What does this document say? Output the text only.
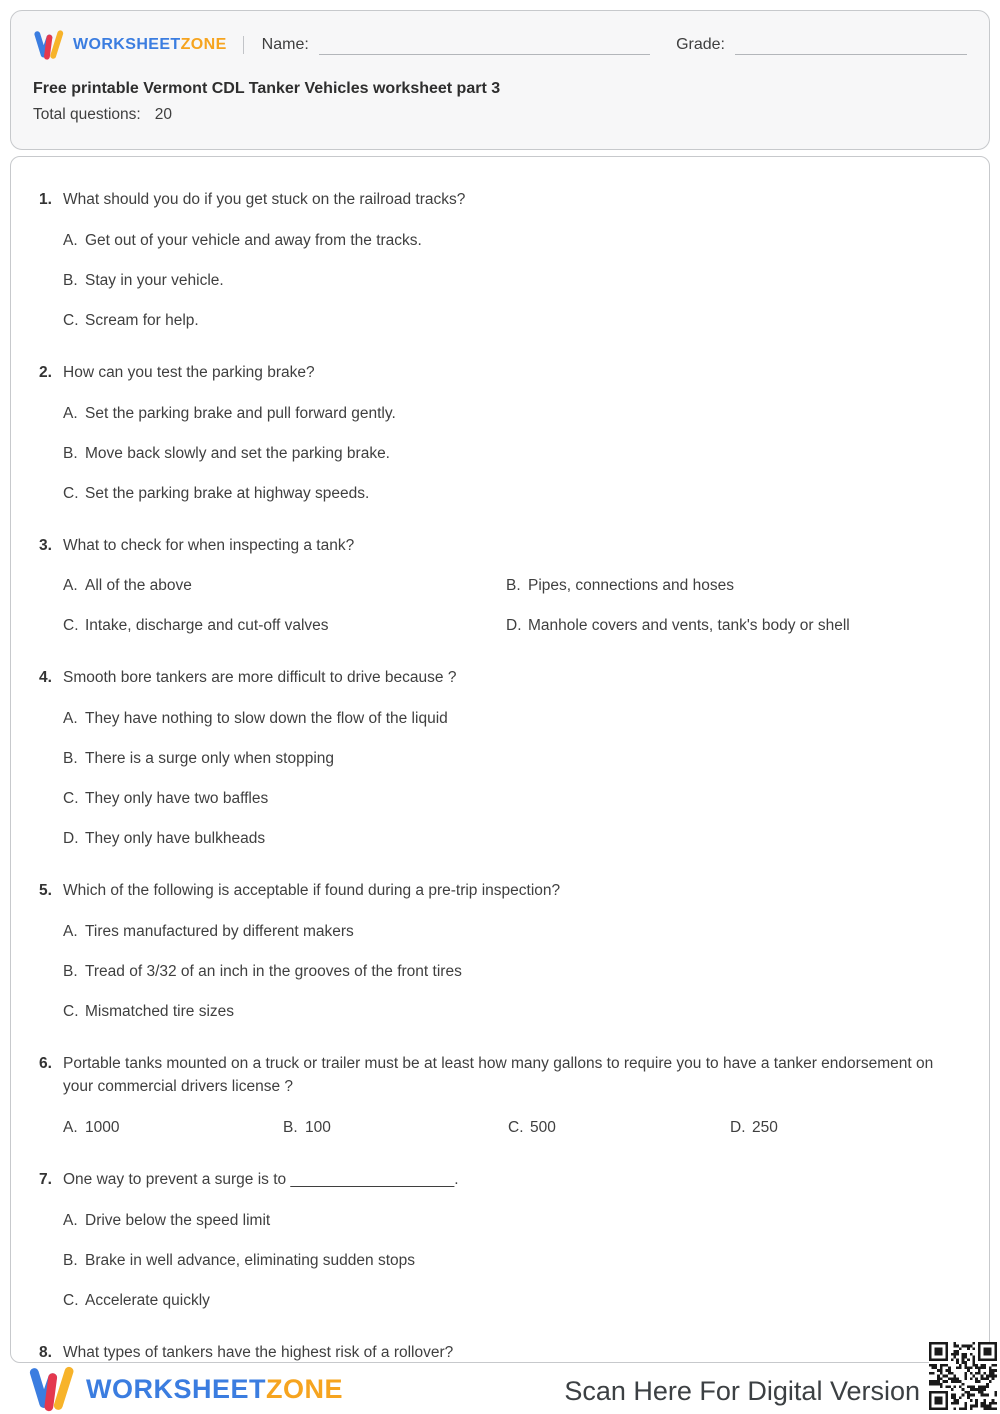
WORKSHEETZONE Name:	Grade:
Free printable Vermont CDL Tanker Vehicles worksheet part 3
Total questions: 20
1. What should you do if you get stuck on the railroad tracks?
A. Get out of your vehicle and away from the tracks.
B. Stay in your vehicle.
C. Scream for help.
2. How can you test the parking brake?
A. Set the parking brake and pull forward gently.
B. Move back slowly and set the parking brake.
C. Set the parking brake at highway speeds.
3. What to check for when inspecting a tank?
A. All of the above	B. Pipes, connections and hoses
C. Intake, discharge and cut-off valves	D. Manhole covers and vents, tank's body or shell
4. Smooth bore tankers are more difficult to drive because ?
A. They have nothing to slow down the flow of the liquid
B. There is a surge only when stopping
C. They only have two baffles
D. They only have bulkheads
5. Which of the following is acceptable if found during a pre-trip inspection?
A. Tires manufactured by different makers
B. Tread of 3/32 of an inch in the grooves of the front tires
C. Mismatched tire sizes
6. Portable tanks mounted on a truck or trailer must be at least how many gallons to require you to have a tanker endorsement on your commercial drivers license ?
A. 1000	B. 100	C. 500	D. 250
7. One way to prevent a surge is to ___________________.
A. Drive below the speed limit
B. Brake in well advance, eliminating sudden stops
C. Accelerate quickly
8. What types of tankers have the highest risk of a rollover?
WORKSHEETZONE	Scan Here For Digital Version
